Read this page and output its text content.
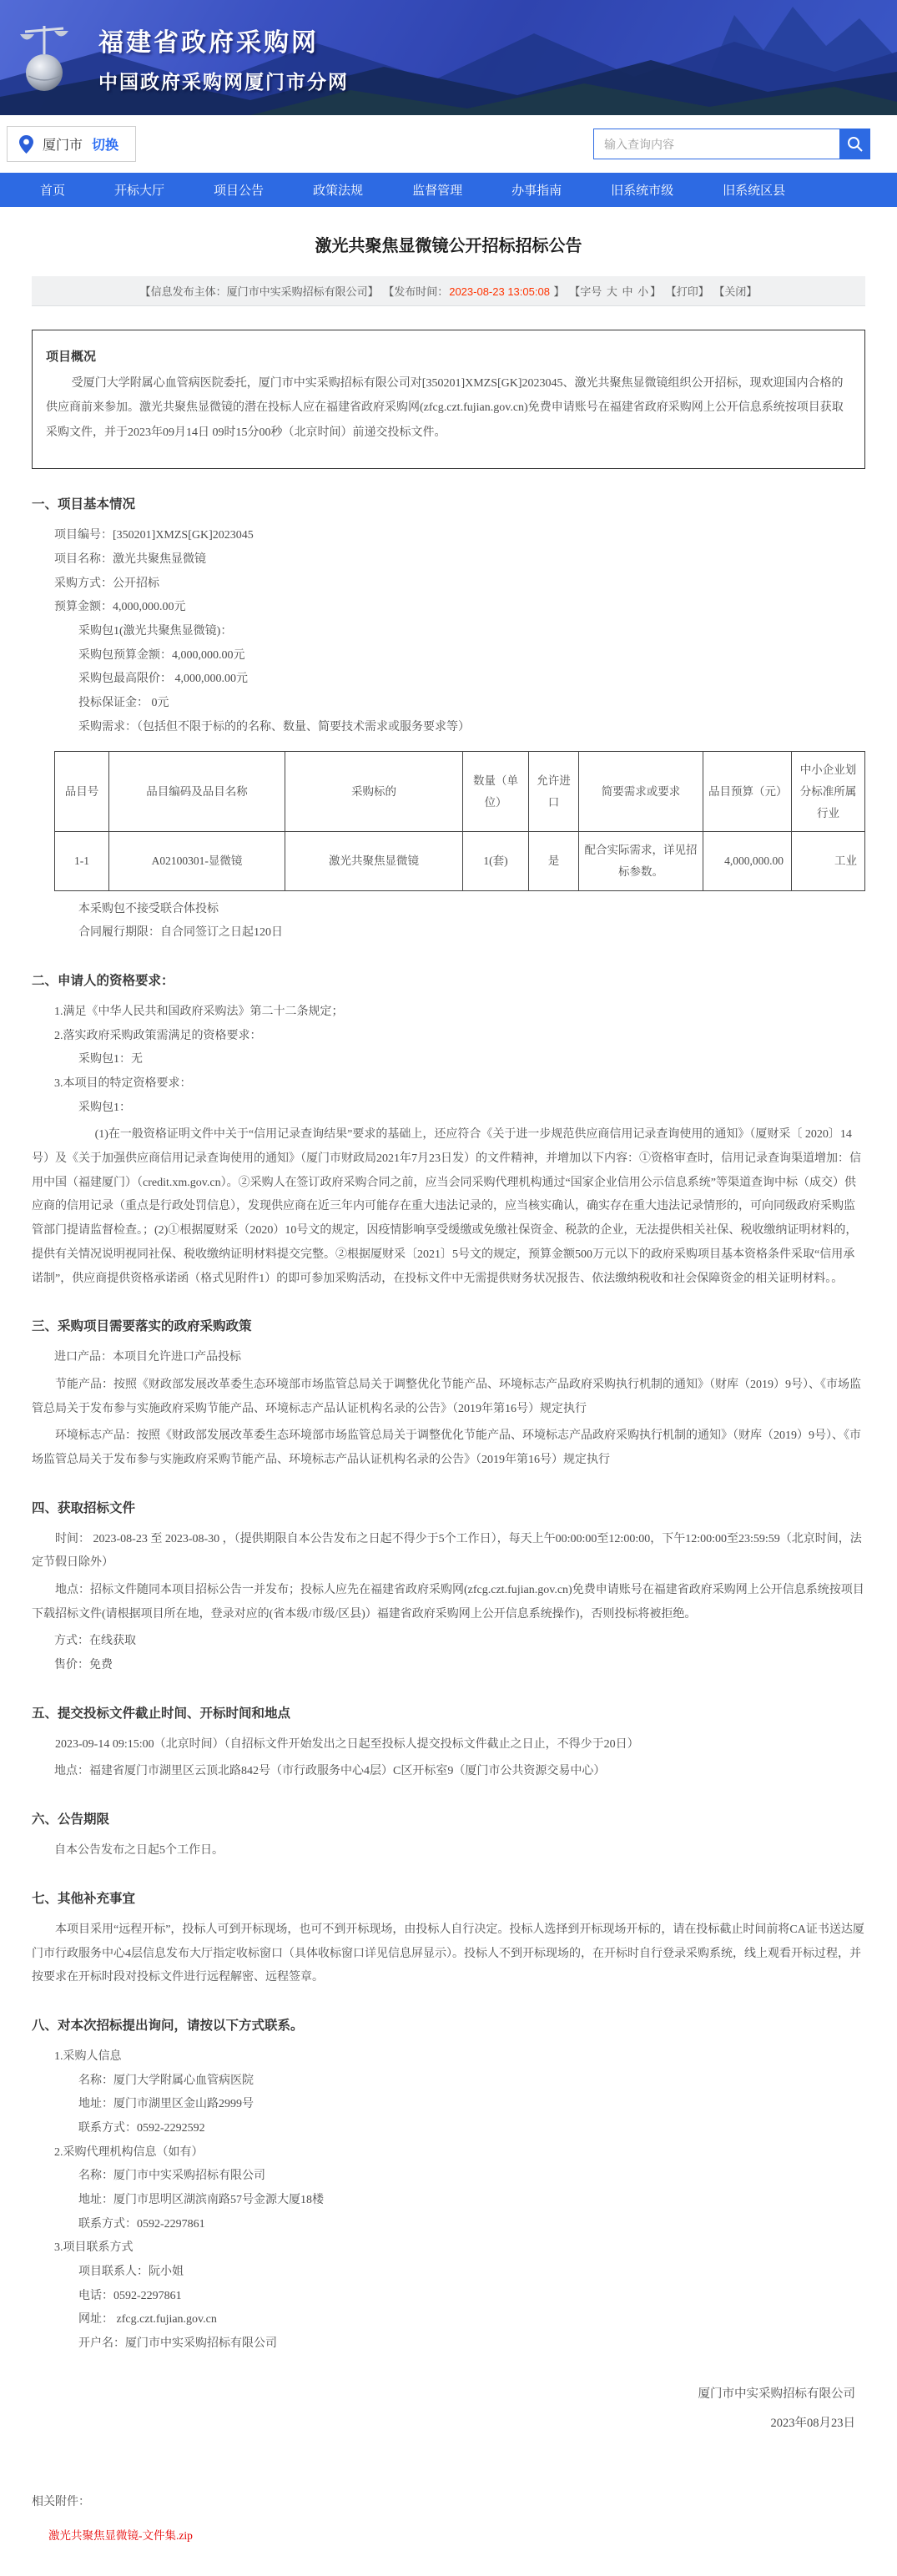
福建省政府采购网
中国政府采购网厦门市分网
厦门市 切换
输入查询内容
首页	开标大厅	项目公告	政策法规	监督管理	办事指南	旧系统市级	旧系统区县
激光共聚焦显微镜公开招标招标公告
【信息发布主体：厦门市中实采购招标有限公司】 【发布时间：2023-08-23 13:05:08 】 【字号 大 中 小 】 【打印】 【关闭】
项目概况

受厦门大学附属心血管病医院委托，厦门市中实采购招标有限公司对[350201]XMZS[GK]2023045、激光共聚焦显微镜组织公开招标，现欢迎国内合格的供应商前来参加。激光共聚焦显微镜的潜在投标人应在福建省政府采购网(zfcg.czt.fujian.gov.cn)免费申请账号在福建省政府采购网上公开信息系统按项目获取采购文件，并于2023年09月14日 09时15分00秒（北京时间）前递交投标文件。

一、项目基本情况
项目编号：[350201]XMZS[GK]2023045
项目名称：激光共聚焦显微镜
采购方式：公开招标
预算金额：4,000,000.00元
采购包1(激光共聚焦显微镜)：
采购包预算金额：4,000,000.00元
采购包最高限价： 4,000,000.00元
投标保证金： 0元
采购需求：（包括但不限于标的的名称、数量、简要技术需求或服务要求等）
品目号	品目编码及品目名称	采购标的	数量（单位）	允许进口	简要需求或要求	品目预算（元）	中小企业划分标准所属行业
1-1	A02100301-显微镜	激光共聚焦显微镜	1(套)	是	配合实际需求，详见招标参数。	4,000,000.00	工业
本采购包不接受联合体投标
合同履行期限：自合同签订之日起120日
二、申请人的资格要求：
1.满足《中华人民共和国政府采购法》第二十二条规定；
2.落实政府采购政策需满足的资格要求：
采购包1：无
3.本项目的特定资格要求：
采购包1：

(1)在一般资格证明文件中关于“信用记录查询结果”要求的基础上，还应符合《关于进一步规范供应商信用记录查询使用的通知》（厦财采〔 2020〕14号）及《关于加强供应商信用记录查询使用的通知》（厦门市财政局2021年7月23日发）的文件精神，并增加以下内容：①资格审查时，信用记录查询渠道增加：信用中国（福建厦门）（credit.xm.gov.cn）。②采购人在签订政府采购合同之前，应当会同采购代理机构通过“国家企业信用公示信息系统”等渠道查询中标（成交）供应商的信用记录（重点是行政处罚信息），发现供应商在近三年内可能存在重大违法记录的，应当核实确认，确实存在重大违法记录情形的，可向同级政府采购监管部门提请监督检查。；(2)①根据厦财采（2020）10号文的规定，因疫情影响享受缓缴或免缴社保资金、税款的企业，无法提供相关社保、税收缴纳证明材料的，提供有关情况说明视同社保、税收缴纳证明材料提交完整。②根据厦财采〔2021〕5号文的规定，预算金额500万元以下的政府采购项目基本资格条件采取“信用承诺制”，供应商提供资格承诺函（格式见附件1）的即可参加采购活动，在投标文件中无需提供财务状况报告、依法缴纳税收和社会保障资金的相关证明材料。。

三、采购项目需要落实的政府采购政策
进口产品：本项目允许进口产品投标

节能产品：按照《财政部发展改革委生态环境部市场监管总局关于调整优化节能产品、环境标志产品政府采购执行机制的通知》（财库（2019）9号）、《市场监管总局关于发布参与实施政府采购节能产品、环境标志产品认证机构名录的公告》（2019年第16号）规定执行

环境标志产品：按照《财政部发展改革委生态环境部市场监管总局关于调整优化节能产品、环境标志产品政府采购执行机制的通知》（财库（2019）9号）、《市场监管总局关于发布参与实施政府采购节能产品、环境标志产品认证机构名录的公告》（2019年第16号）规定执行

四、获取招标文件

时间： 2023-08-23 至 2023-08-30 ，（提供期限自本公告发布之日起不得少于5个工作日），每天上午00:00:00至12:00:00，下午12:00:00至23:59:59（北京时间，法定节假日除外）

地点：招标文件随同本项目招标公告一并发布；投标人应先在福建省政府采购网(zfcg.czt.fujian.gov.cn)免费申请账号在福建省政府采购网上公开信息系统按项目下载招标文件(请根据项目所在地，登录对应的(省本级/市级/区县)）福建省政府采购网上公开信息系统操作)，否则投标将被拒绝。

方式：在线获取
售价：免费
五、提交投标文件截止时间、开标时间和地点

2023-09-14 09:15:00（北京时间）（自招标文件开始发出之日起至投标人提交投标文件截止之日止，不得少于20日）

地点：福建省厦门市湖里区云顶北路842号（市行政服务中心4层）C区开标室9（厦门市公共资源交易中心）
六、公告期限
自本公告发布之日起5个工作日。
七、其他补充事宜

本项目采用“远程开标”，投标人可到开标现场，也可不到开标现场，由投标人自行决定。投标人选择到开标现场开标的，请在投标截止时间前将CA证书送达厦门市行政服务中心4层信息发布大厅指定收标窗口（具体收标窗口详见信息屏显示）。投标人不到开标现场的，在开标时自行登录采购系统，线上观看开标过程，并按要求在开标时段对投标文件进行远程解密、远程签章。

八、对本次招标提出询问，请按以下方式联系。
1.采购人信息
名称：厦门大学附属心血管病医院
地址：厦门市湖里区金山路2999号
联系方式：0592-2292592
2.采购代理机构信息（如有）
名称：厦门市中实采购招标有限公司
地址：厦门市思明区湖滨南路57号金源大厦18楼
联系方式：0592-2297861
3.项目联系方式
项目联系人：阮小姐
电话：0592-2297861
网址： zfcg.czt.fujian.gov.cn
开户名：厦门市中实采购招标有限公司
厦门市中实采购招标有限公司
2023年08月23日
相关附件：
激光共聚焦显微镜-文件集.zip
